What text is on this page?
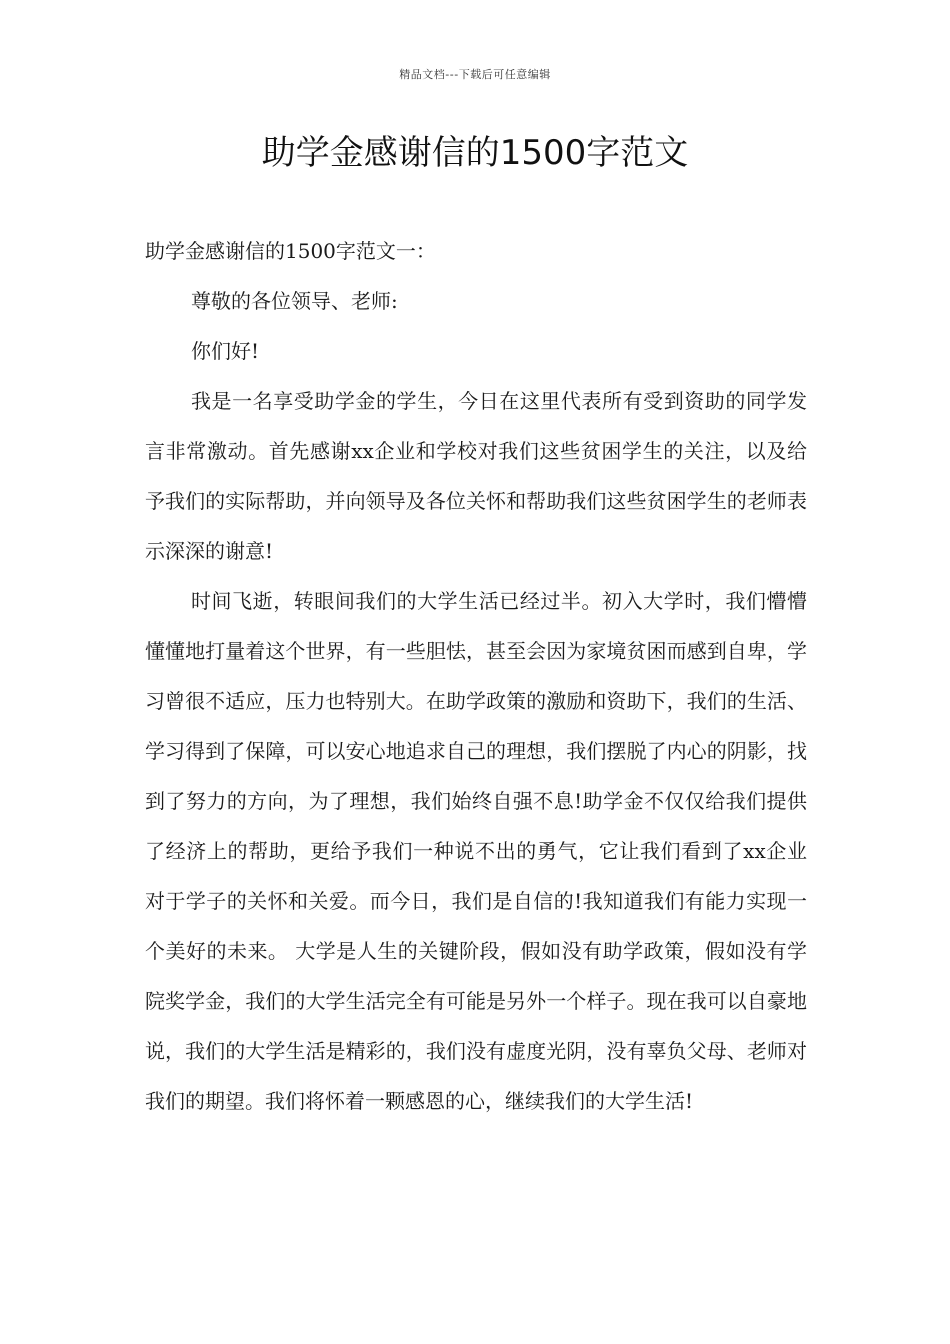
精品文档---下载后可任意编辑
助学金感谢信的1500字范文

助学金感谢信的1500字范文一：

尊敬的各位领导、老师:

你们好!

我是一名享受助学金的学生，今日在这里代表所有受到资助的同学发言非常激动。首先感谢xx企业和学校对我们这些贫困学生的关注，以及给予我们的实际帮助，并向领导及各位关怀和帮助我们这些贫困学生的老师表示深深的谢意!

时间飞逝，转眼间我们的大学生活已经过半。初入大学时，我们懵懵懂懂地打量着这个世界，有一些胆怯，甚至会因为家境贫困而感到自卑，学习曾很不适应，压力也特别大。在助学政策的激励和资助下，我们的生活、学习得到了保障，可以安心地追求自己的理想，我们摆脱了内心的阴影，找到了努力的方向，为了理想，我们始终自强不息!助学金不仅仅给我们提供了经济上的帮助，更给予我们一种说不出的勇气，它让我们看到了xx企业对于学子的关怀和关爱。而今日，我们是自信的!我知道我们有能力实现一个美好的未来。 大学是人生的关键阶段，假如没有助学政策，假如没有学院奖学金，我们的大学生活完全有可能是另外一个样子。现在我可以自豪地说，我们的大学生活是精彩的，我们没有虚度光阴，没有辜负父母、老师对我们的期望。我们将怀着一颗感恩的心，继续我们的大学生活!
